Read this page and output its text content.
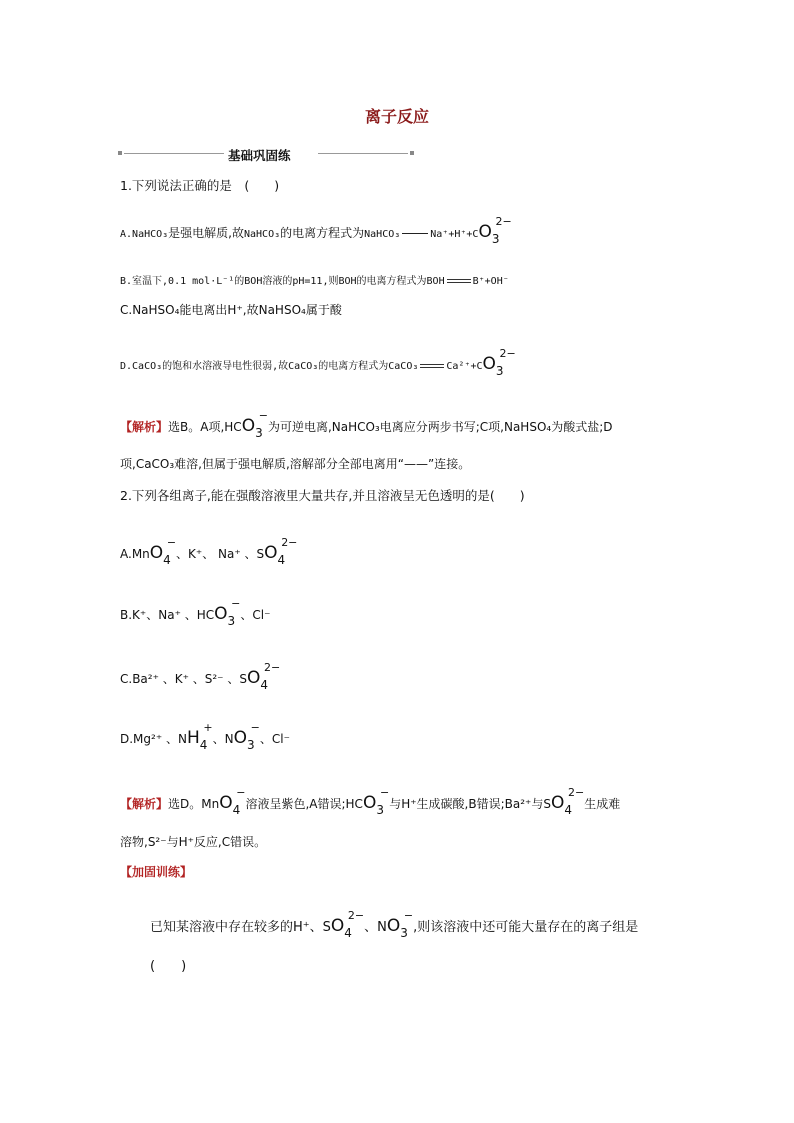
离子反应
基础巩固练
1.下列说法正确的是　(　　)
A.NaHCO₃是强电解质,故NaHCO₃的电离方程式为NaHCO₃	Na⁺+H⁺+CO32−
B.室温下,0.1 mol·L⁻¹的BOH溶液的pH=11,则BOH的电离方程式为BOH	B⁺+OH⁻
C.NaHSO₄能电离出H⁺,故NaHSO₄属于酸
D.CaCO₃的饱和水溶液导电性很弱,故CaCO₃的电离方程式为CaCO₃	Ca²⁺+CO32−
【解析】选B。A项,HCO3−为可逆电离,NaHCO₃电离应分两步书写;C项,NaHSO₄为酸式盐;D
项,CaCO₃难溶,但属于强电解质,溶解部分全部电离用“——”连接。
2.下列各组离子,能在强酸溶液里大量共存,并且溶液呈无色透明的是(　　)
A.MnO4−、K⁺、 Na⁺ 、SO42−
B.K⁺、Na⁺ 、HCO3−、Cl⁻
C.Ba²⁺ 、K⁺ 、S²⁻ 、SO42−
D.Mg²⁺ 、NH4+、NO3−、Cl⁻
【解析】选D。MnO4−溶液呈紫色,A错误;HCO3−与H⁺生成碳酸,B错误;Ba²⁺与SO42−生成难
溶物,S²⁻与H⁺反应,C错误。
【加固训练】
已知某溶液中存在较多的H⁺、$SO4^{2-}$、NO3−,则该溶液中还可能大量存在的离子组是
(　　)
